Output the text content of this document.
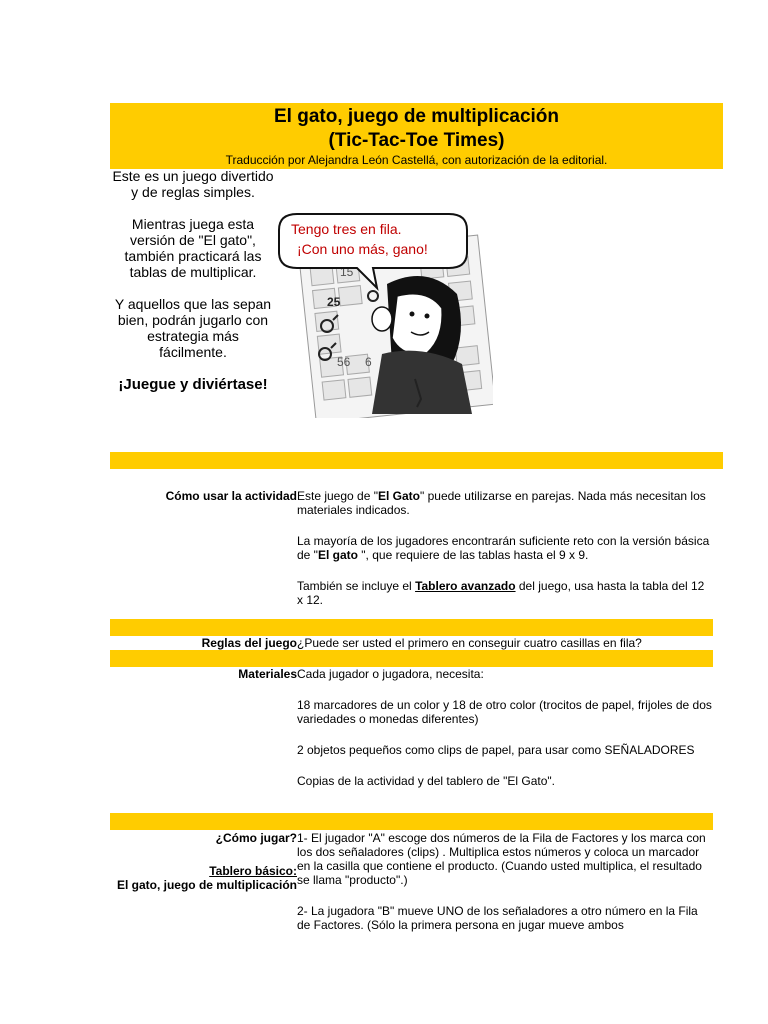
El gato, juego de multiplicación
(Tic-Tac-Toe Times)
Traducción por Alejandra León Castellá, con autorización de la editorial.

Este es un juego divertido y de reglas simples.

Mientras juega esta versión de "El gato", también practicará las tablas de multiplicar.

Y aquellos que las sepan bien, podrán jugarlo con estrategia más fácilmente.

¡Juegue y diviértase!

15
25
56 6
Tengo tres en fila.
¡Con uno más, gano!
Cómo usar la actividad Este juego de "El Gato" puede utilizarse en parejas. Nada más necesitan los materiales indicados.

La mayoría de los jugadores encontrarán suficiente reto con la versión básica de "El gato ", que requiere de las tablas hasta el 9 x 9.

También se incluye el Tablero avanzado del juego, usa hasta la tabla del 12 x 12.

Reglas del juego ¿Puede ser usted el primero en conseguir cuatro casillas en fila?
Materiales Cada jugador o jugadora, necesita:

18 marcadores de un color y 18 de otro color (trocitos de papel, frijoles de dos variedades o monedas diferentes)

2 objetos pequeños como clips de papel, para usar como SEÑALADORES

Copias de la actividad y del tablero de "El Gato".

¿Cómo jugar?
Tablero básico:
El gato, juego de multiplicación

1- El jugador "A" escoge dos números de la Fila de Factores y los marca con los dos señaladores (clips) . Multiplica estos números y coloca un marcador en la casilla que contiene el producto. (Cuando usted multiplica, el resultado se llama "producto".)

2- La jugadora "B" mueve UNO de los señaladores a otro número en la Fila de Factores. (Sólo la primera persona en jugar mueve ambos
